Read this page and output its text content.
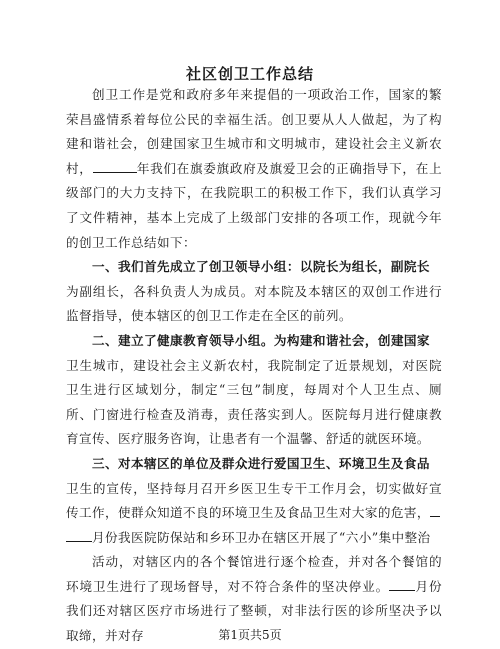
社区创卫工作总结

创卫工作是党和政府多年来提倡的一项政治工作，国家的繁荣昌盛情系着每位公民的幸福生活。创卫要从人人做起，为了构建和谐社会，创建国家卫生城市和文明城市，建设社会主义新农村，	年我们在旗委旗政府及旗爱卫会的正确指导下，在上级部门的大力支持下，在我院职工的积极工作下，我们认真学习了文件精神，基本上完成了上级部门安排的各项工作，现就今年的创卫工作总结如下：

一、我们首先成立了创卫领导小组：以院长为组长，副院长

为副组长，各科负责人为成员。对本院及本辖区的双创工作进行监督指导，使本辖区的创卫工作走在全区的前列。

二、建立了健康教育领导小组。为构建和谐社会，创建国家

卫生城市，建设社会主义新农村，我院制定了近景规划，对医院卫生进行区域划分，制定“三包”制度，每周对个人卫生点、厕所、门窗进行检查及消毒，责任落实到人。医院每月进行健康教育宣传、医疗服务咨询，让患者有一个温馨、舒适的就医环境。

三、对本辖区的单位及群众进行爱国卫生、环境卫生及食品

卫生的宣传，坚持每月召开乡医卫生专干工作月会，切实做好宣传工作，使群众知道不良的环境卫生及食品卫生对大家的危害，
月份我医院防保站和乡环卫办在辖区开展了“六小”集中整治

活动，对辖区内的各个餐馆进行逐个检查，并对各个餐馆的环境卫生进行了现场督导，对不符合条件的坚决停业。 月份我们还对辖区医疗市场进行了整顿，对非法行医的诊所坚决予以取缔，并对存	第1页共5页
